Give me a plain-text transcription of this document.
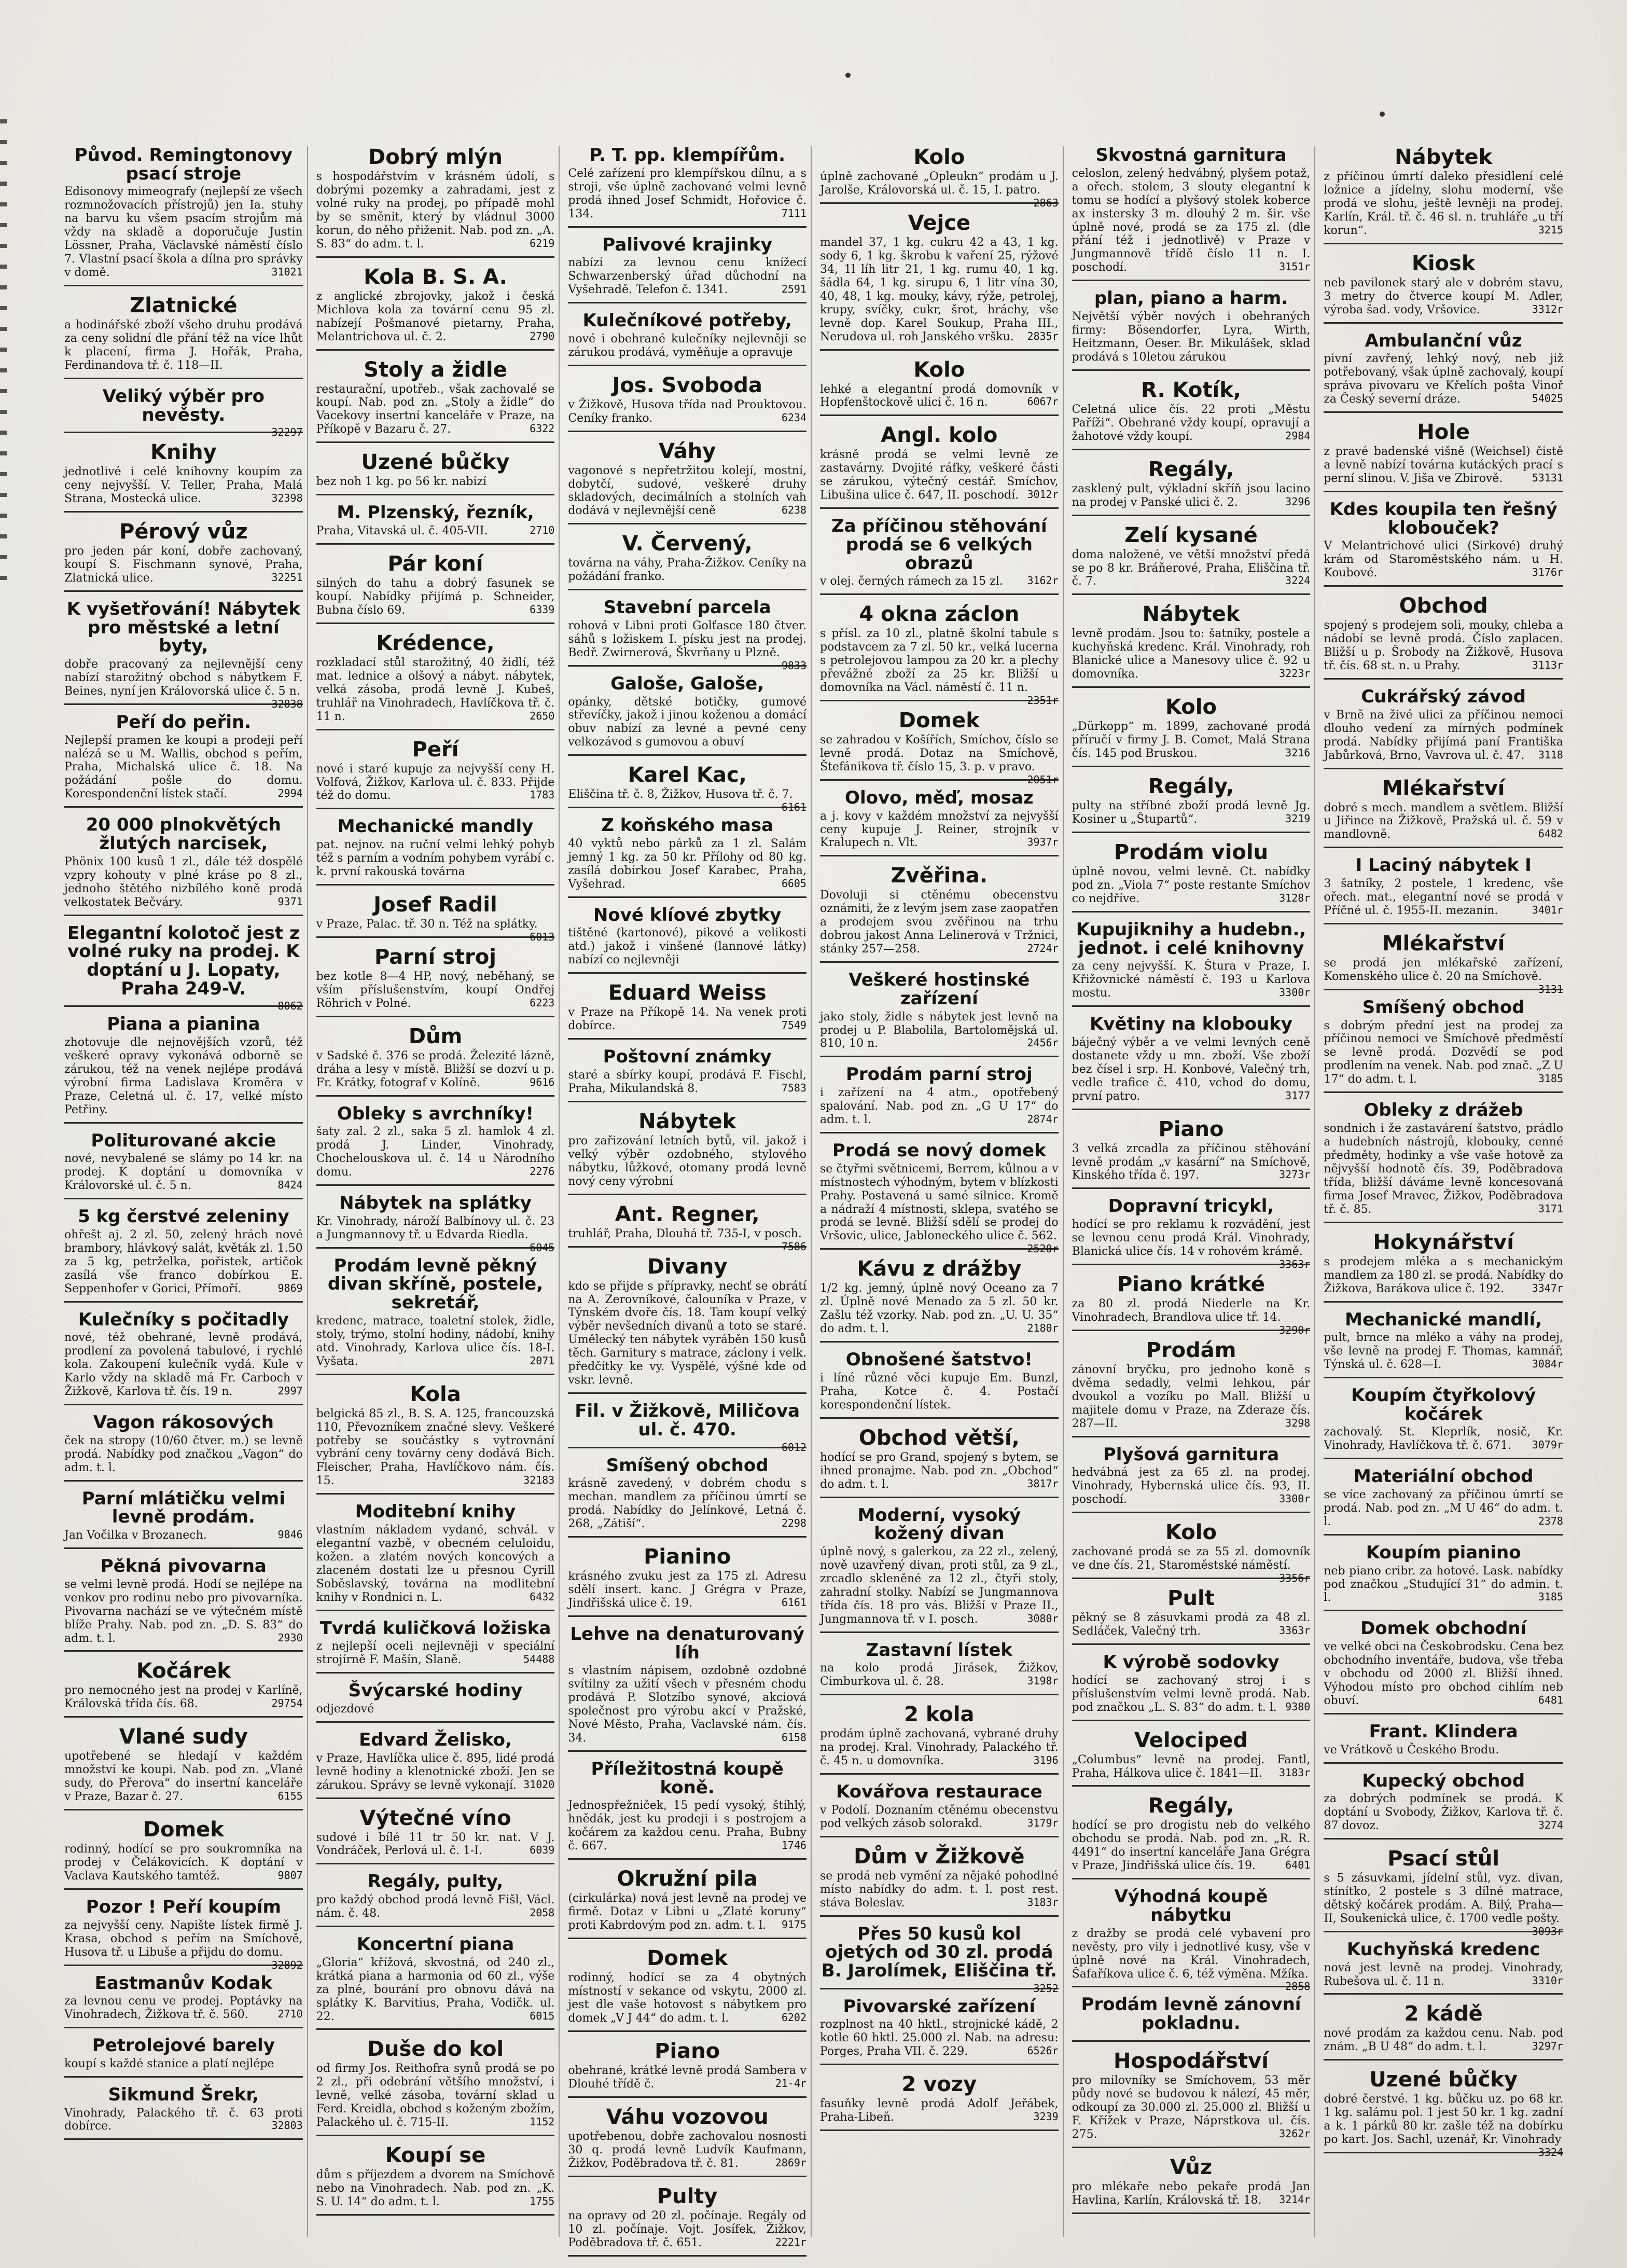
Původ. Remingtonovy psací stroje

Edisonovy mimeografy (nejlepší ze všech rozmnožovacích přístrojů) jen Ia. stuhy na barvu ku všem psacím strojům má vždy na skladě a doporučuje Justin Lössner, Praha, Václavské náměstí číslo 7. Vlastní psací škola a dílna pro správky v domě.	31021

Zlatnické

a hodinářské zboží všeho druhu prodává za ceny solidní dle přání též na více lhůt k placení, firma J. Hořák, Praha, Ferdinandova tř. č. 118—II.

Veliký výběr pro nevěsty.

32297

Knihy

jednotlivé i celé knihovny koupím za ceny nejvyšší. V. Teller, Praha, Malá Strana, Mostecká ulice.	32398

Pérový vůz

pro jeden pár koní, dobře zachovaný, koupí S. Fischmann synové, Praha, Zlatnická ulice.	32251

K vyšetřování! Nábytek pro městské a letní byty,

dobře pracovaný za nejlevnější ceny nabízí starožitný obchod s nábytkem F. Beines, nyní jen Královorská ulice č. 5 n.
32838

Peří do peřin.

Nejlepší pramen ke koupi a prodeji peří nalézá se u M. Wallis, obchod s peřím, Praha, Michalská ulice č. 18. Na požádání pošle do domu. Korespondenční lístek stačí.	2994

20 000 plnokvětých žlutých narcisek,

Phönix 100 kusů 1 zl., dále též dospělé vzpry kohouty v plné kráse po 8 zl., jednoho štětého nizbílého koně prodá velkostatek Bečváry.	9371

Elegantní kolotoč jest z volné ruky na prodej. K doptání u J. Lopaty, Praha 249-V.

8062

Piana a pianina

zhotovuje dle nejnovějších vzorů, též veškeré opravy vykonává odborně se zárukou, též na venek nejlépe prodává výrobní firma Ladislava Kroměra v Praze, Celetná ul. č. 17, velké místo Petřiny.

Politurované akcie

nové, nevybalené se slámy po 14 kr. na prodej. K doptání u domovníka v Královorské ul. č. 5 n.	8424

5 kg čerstvé zeleniny

ohřešt aj. 2 zl. 50, zelený hrách nové brambory, hlávkový salát, květák zl. 1.50 za 5 kg, petrželka, pořistek, artičok zasílá vše franco dobírkou E. Seppenhofer v Gorici, Přímoří.	9869

Kulečníky s počitadly

nové, též obehrané, levně prodává, prodlení za povolená tabulové, i rychlé kola. Zakoupení kulečník vydá. Kule v Karlo vždy na skladě má Fr. Carboch v Žižkově, Karlova tř. čís. 19 n.	2997

Vagon rákosových

ček na stropy (10/60 čtver. m.) se levně prodá. Nabídky pod značkou „Vagon“ do adm. t. l.

Parní mlátičku velmi levně prodám.

Jan Vočilka v Brozanech.	9846

Pěkná pivovarna

se velmi levně prodá. Hodí se nejlépe na venkov pro rodinu nebo pro pivovarníka. Pivovarna nachází se ve výtečném místě blíže Prahy. Nab. pod zn. „D. S. 83“ do adm. t. l.	2930

Kočárek

pro nemocného jest na prodej v Karlíně, Královská třída čís. 68.	29754

Vlané sudy

upotřebené se hledají v každém množství ke koupi. Nab. pod zn. „Vlané sudy, do Přerova“ do insertní kanceláře v Praze, Bazar č. 27.	6155

Domek

rodinný, hodící se pro soukromníka na prodej v Čelákovicích. K doptání v Vaclava Kautského tamtéž.	9807

Pozor ! Peří koupím

za nejvyšší ceny. Napište lístek firmě J. Krasa, obchod s peřím na Smíchově, Husova tř. u Libuše a přijdu do domu.
32892

Eastmanův Kodak

za levnou cenu ve prodej. Poptávky na Vinohradech, Žižkova tř. č. 560.	2710

Petrolejové barely

koupí s každé stanice a platí nejlépe

Sikmund Šrekr,

Vinohrady, Palackého tř. č. 63 proti dobírce.	32803

Dobrý mlýn

s hospodářstvím v krásném údolí, s dobrými pozemky a zahradami, jest z volné ruky na prodej, po případě mohl by se směnit, který by vládnul 3000 korun, do něho přiženit. Nab. pod zn. „A. S. 83“ do adm. t. l.	6219

Kola B. S. A.

z anglické zbrojovky, jakož i česká Michlova kola za tovární cenu 95 zl. nabízejí Pošmanové pietarny, Praha, Melantrichova ul. č. 2.	2790

Stoly a židle

restaurační, upotřeb., však zachovalé se koupí. Nab. pod zn. „Stoly a židle“ do Vacekovy insertní kanceláře v Praze, na Příkopě v Bazaru č. 27.	6322

Uzené bůčky

bez noh 1 kg. po 56 kr. nabízí

M. Plzenský, řezník,

Praha, Vitavská ul. č. 405-VII.	2710

Pár koní

silných do tahu a dobrý fasunek se koupí. Nabídky přijímá p. Schneider, Bubna číslo 69.	6339

Krédence,

rozkladací stůl starožitný, 40 židlí, též mat. lednice a olšový a nábyt. nábytek, velká zásoba, prodá levně J. Kubeš, truhlář na Vinohradech, Havlíčkova tř. č. 11 n.	2650

Peří

nové i staré kupuje za nejvyšší ceny H. Volfová, Žižkov, Karlova ul. č. 833. Přijde též do domu.	1783

Mechanické mandly

pat. nejnov. na ruční velmi lehký pohyb též s parním a vodním pohybem vyrábí c. k. první rakouská továrna

Josef Radil

v Praze, Palac. tř. 30 n. Též na splátky.
6013

Parní stroj

bez kotle 8—4 HP, nový, neběhaný, se vším příslušenstvím, koupí Ondřej Röhrich v Polné.	6223

Dům

v Sadské č. 376 se prodá. Železité lázně, dráha a lesy v místě. Bližší se dozví u p. Fr. Krátky, fotograf v Kolíně.	9616

Obleky s avrchníky!

šaty zal. 2 zl., saka 5 zl. hamlok 4 zl. prodá J. Linder, Vinohrady, Chochelouskova ul. č. 14 u Národního domu.	2276

Nábytek na splátky

Kr. Vinohrady, nároží Balbínovy ul. č. 23 a Jungmannovy tř. u Edvarda Riedla.
6045

Prodám levně pěkný divan skříně, postele, sekretář,

kredenc, matrace, toaletní stolek, židle, stoly, trýmo, stolní hodiny, nádobí, knihy atd. Vinohrady, Karlova ulice čís. 18-I. Vyšata.	2071

Kola

belgická 85 zl., B. S. A. 125, francouzská 110, Převozníkem značné slevy. Veškeré potřeby se součástky s vytrovnání vybrání ceny továrny ceny dodává Bich. Fleischer, Praha, Havlíčkovo nám. čís. 15.	32183

Moditební knihy

vlastním nákladem vydané, schvál. v elegantní vazbě, v obecném celuloidu, kožen. a zlatém nových koncových a zlaceném dostati lze u přesnou Cyrill Soběslavský, továrna na modlitební knihy v Rondnici n. L.	6432

Tvrdá kuličková ložiska

z nejlepší oceli nejlevněji v speciální strojírně F. Mašín, Slaně.	54488

Švýcarské hodiny

odjezdové

Edvard Želisko,

v Praze, Havlíčka ulice č. 895, lidé prodá levně hodiny a klenotnické zboží. Jen se zárukou. Správy se levně vykonají. 31020

Výtečné víno

sudové i bílé 11 tr 50 kr. nat. V J. Vondráček, Perlová ul. č. 1-I.	6039

Regály, pulty,

pro každý obchod prodá levně Fišl, Václ. nám. č. 48.	2058

Koncertní piana

„Gloria“ křížová, skvostná, od 240 zl., krátká piana a harmonia od 60 zl., výše za plné, bourání pro obnovu dává na splátky K. Barvitius, Praha, Vodičk. ul. 22.	6015

Duše do kol

od firmy Jos. Reithofra synů prodá se po 2 zl., při odebrání většího množství, i levně, velké zásoba, tovární sklad u Ferd. Kreidla, obchod s koženým zbožím, Palackého ul. č. 715-II.	1152

Koupí se

dům s příjezdem a dvorem na Smíchově nebo na Vinohradech. Nab. pod zn. „K. S. U. 14“ do adm. t. l.	1755

P. T. pp. klempířům.

Celé zařízení pro klempířskou dílnu, a s stroji, vše úplně zachované velmi levně prodá ihned Josef Schmidt, Hořovice č. 134.	7111

Palivové krajinky

nabízí za levnou cenu knížecí Schwarzenberský úřad důchodní na Vyšehradě. Telefon č. 1341.	2591

Kulečníkové potřeby,

nové i obehrané kulečníky nejlevněji se zárukou prodává, vyměňuje a opravuje

Jos. Svoboda

v Žižkově, Husova třída nad Prouktovou. Ceníky franko.	6234

Váhy

vagonové s nepřetržitou kolejí, mostní, dobytčí, sudové, veškeré druhy skladových, decimálních a stolních vah dodává v nejlevnější ceně	6238

V. Červený,

továrna na váhy, Praha-Žižkov. Ceníky na požádání franko.

Stavební parcela

rohová v Libni proti Golťasce 180 čtver. sáhů s ložiskem I. písku jest na prodej. Bedř. Zwirnerová, Škvrňany u Plzně.
9833

Galoše, Galoše,

opánky, dětské botičky, gumové střevíčky, jakož i jinou koženou a domácí obuv nabízí za levné a pevné ceny velkozávod s gumovou a obuví

Karel Kac,

Eliščina tř. č. 8, Žižkov, Husova tř. č. 7.
6161

Z koňského masa

40 vyktů nebo párků za 1 zl. Salám jemný 1 kg. za 50 kr. Přílohy od 80 kg. zasílá dobírkou Josef Karabec, Praha, Vyšehrad.	6605

Nové klíové zbytky

tištěné (kartonové), pikové a velikosti atd.) jakož i vinšené (lannové látky) nabízí co nejlevněji

Eduard Weiss

v Praze na Příkopě 14. Na venek proti dobírce.	7549

Poštovní známky

staré a sbírky koupí, prodává F. Fischl, Praha, Mikulandská 8.	7583

Nábytek

pro zařizování letních bytů, vil. jakož i velký výběr ozdobného, stylového nábytku, lůžkové, otomany prodá levně nový ceny výrobní

Ant. Regner,

truhlář, Praha, Dlouhá tř. 735-I, v posch.
7586

Divany

kdo se přijde s přípravky, nechť se obrátí na A. Zerovníkové, čalouníka v Praze, v Týnském dvoře čís. 18. Tam koupí velký výběr nevšedních divanů a toto se staré. Umělecký ten nábytek vyráběn 150 kusů těch. Garnitury s matrace, záclony i velk. předčítky ke vy. Vyspělé, výšné kde od vskr. levně.

Fil. v Žižkově, Miličova ul. č. 470.

6012

Smíšený obchod

krásně zavedený, v dobrém chodu s mechan. mandlem za příčinou úmrtí se prodá. Nabídky do Jelínkové, Letná č. 268, „Zátiší“.	2298

Pianino

krásného zvuku jest za 175 zl. Adresu sdělí insert. kanc. J Grégra v Praze, Jindřišská ulice č. 19.	6161

Lehve na denaturovaný líh

s vlastním nápisem, ozdobně ozdobné svítilny za užití všech v přesném chodu prodává P. Slotzíbo synové, akciová společnost pro výrobu akcí v Pražské, Nové Město, Praha, Vaclavské nám. čís. 34.	6158

Příležitostná koupě koně.

Jednospřežniček, 15 pedí vysoký, štíhlý, hnědák, jest ku prodeji i s postrojem a kočárem za každou cenu. Praha, Bubny č. 667.	1746

Okružní pila

(cirkulárka) nová jest levně na prodej ve firmě. Dotaz v Libni u „Zlaté koruny“ proti Kabrdovým pod zn. adm. t. l.	9175

Domek

rodinný, hodící se za 4 obytných místností v sekance od vskytu, 2000 zl. jest dle vaše hotovost s nábytkem pro domek „V J 44“ do adm. t. l.	6202

Piano

obehrané, krátké levně prodá Sambera v Dlouhé třídě č.	21-4r

Váhu vozovou

upotřebenou, dobře zachovalou nosnosti 30 q. prodá levně Ludvík Kaufmann, Žižkov, Poděbradova tř. č. 81.	2869r

Pulty

na opravy od 20 zl. počínaje. Regály od 10 zl. počínaje. Vojt. Josífek, Žižkov, Poděbradova tř. č. 651.	2221r

Kolo

úplně zachované „Opleukn“ prodám u J. Jarolše, Královorská ul. č. 15, I. patro.
2863

Vejce

mandel 37, 1 kg. cukru 42 a 43, 1 kg. sody 6, 1 kg. škrobu k vaření 25, rýžové 34, 1l líh litr 21, 1 kg. rumu 40, 1 kg. šádla 64, 1 kg. sirupu 6, 1 litr vína 30, 40, 48, 1 kg. mouky, kávy, rýže, petrolej, krupy, svíčky, cukr, šrot, hráchy, vše levně dop. Karel Soukup, Praha III., Nerudova ul. roh Janského vršku.	2835r

Kolo

lehké a elegantní prodá domovník v Hopfenštockově ulici č. 16 n.	6067r

Angl. kolo

krásně prodá se velmi levně ze zastavárny. Dvojité ráfky, veškeré části se zárukou, výtečný cestář. Smíchov, Libušina ulice č. 647, II. poschodí. 3012r

Za příčinou stěhování prodá se 6 velkých obrazů

v olej. černých rámech za 15 zl.	3162r

4 okna záclon

s přísl. za 10 zl., platně školní tabule s podstavcem za 7 zl. 50 kr., velká lucerna s petrolejovou lampou za 20 kr. a plechy převážné zboží za 25 kr. Bližší u domovníka na Václ. náměstí č. 11 n.
2351r

Domek

se zahradou v Košířích, Smíchov, číslo se levně prodá. Dotaz na Smíchově, Štefánikova tř. číslo 15, 3. p. v pravo.
2051r

Olovo, měď, mosaz

a j. kovy v každém množství za nejvyšší ceny kupuje J. Reiner, strojník v Kralupech n. Vlt.	3937r

Zvěřina.

Dovoluji si ctěnému obecenstvu oznámiti, že z levým jsem zase zaopatřen a prodejem svou zvěřinou na trhu dobrou jakost Anna Lelinerová v Tržnici, stánky 257—258.	2724r

Veškeré hostinské zařízení

jako stoly, židle s nábytek jest levně na prodej u P. Blabolila, Bartolomějská ul. 810, 10 n.	2456r

Prodám parní stroj

i zařízení na 4 atm., opotřebený spalování. Nab. pod zn. „G U 17“ do adm. t. l.	2874r

Prodá se nový domek

se čtyřmi světnicemi, Berrem, kůlnou a v místnostech výhodným, bytem v blízkosti Prahy. Postavená u samé silnice. Kromě a nádraží 4 místnosti, sklepa, svatého se prodá se levně. Bližší sdělí se prodej do Vršovic, ulice, Jabloneckého ulice č. 562.
2520r

Kávu z drážby

1/2 kg. jemný, úplně nový Oceano za 7 zl. Úplně nové Menado za 5 zl. 50 kr. Zašlu též vzorky. Nab. pod zn. „U. U. 35“ do adm. t. l.	2180r

Obnošené šatstvo!

i líné různé věci kupuje Em. Bunzl, Praha, Kotce č. 4. Postačí korespondenční lístek.

Obchod větší,

hodící se pro Grand, spojený s bytem, se ihned pronajme. Nab. pod zn. „Obchod“ do adm. t. l.	3817r

Moderní, vysoký kožený divan

úplně nový, s galerkou, za 22 zl., zelený, nově uzavřený divan, proti stůl, za 9 zl., zrcadlo skleněné za 12 zl., čtyři stoly, zahradní stolky. Nabízí se Jungmannova třída čís. 18 pro vás. Bližší v Praze II., Jungmannova tř. v I. posch.	3080r

Zastavní lístek

na kolo prodá Jirásek, Žižkov, Cimburkova ul. č. 28.	3198r

2 kola

prodám úplně zachovaná, vybrané druhy na prodej. Kral. Vinohrady, Palackého tř. č. 45 n. u domovníka.	3196

Kovářova restaurace

v Podolí. Doznaním ctěnému obecenstvu pod velkých zásob solorakd.	3179r

Dům v Žižkově

se prodá neb vymění za nějaké pohodlné místo nabídky do adm. t. l. post rest. stáva Boleslav.	3183r

Přes 50 kusů kol ojetých od 30 zl. prodá B. Jarolímek, Eliščina tř.

3252

Pivovarské zařízení

rozplnost na 40 hktl., strojnické kádě, 2 kotle 60 hktl. 25.000 zl. Nab. na adresu: Porges, Praha VII. č. 229.	6526r

2 vozy

fasuňky levně prodá Adolf Jeřábek, Praha-Libeň.	3239

Skvostná garnitura

celoslon, zelený hedvábný, plyšem potaž, a ořech. stolem, 3 slouty elegantní k tomu se hodící a plyšový stolek koberce ax instersky 3 m. dlouhý 2 m. šir. vše úplně nové, prodá se za 175 zl. (dle přání též i jednotlivě) v Praze v Jungmannově třídě číslo 11 n. I. poschodí.	3151r

plan, piano a harm.

Největší výběr nových i obehraných firmy: Bösendorfer, Lyra, Wirth, Heitzmann, Oeser. Br. Mikulášek, sklad prodává s 10letou zárukou

R. Kotík,

Celetná ulice čís. 22 proti „Městu Paříži“. Obehrané vždy koupí, opravují a žahotové vždy koupí.	2984

Regály,

zasklený pult, výkladní skříň jsou lacino na prodej v Panské ulici č. 2.	3296

Zelí kysané

doma naložené, ve větší množství předá se po 8 kr. Bráňerové, Praha, Eliščina tř. č. 7.	3224

Nábytek

levně prodám. Jsou to: šatníky, postele a kuchyňská kredenc. Král. Vinohrady, roh Blanické ulice a Manesovy ulice č. 92 u domovníka.	3223r

Kolo

„Dürkopp“ m. 1899, zachované prodá příručí v firmy J. B. Comet, Malá Strana čís. 145 pod Bruskou.	3216

Regály,

pulty na stříbné zboží prodá levně Jg. Kosiner u „Štupartů“.	3219

Prodám violu

úplně novou, velmi levně. Ct. nabídky pod zn. „Viola 7“ poste restante Smíchov co nejdříve.	3128r

Kupujiknihy a hudebn., jednot. i celé knihovny

za ceny nejvyšší. K. Štura v Praze, I. Křižovnické náměstí č. 193 u Karlova mostu.	3300r

Květiny na klobouky

báječný výběr a ve velmi levných ceně dostanete vždy u mn. zboží. Vše zboží bez čísel i srp. H. Konbové, Valečný trh, vedle trafice č. 410, vchod do domu, první patro.	3177

Piano

3 velká zrcadla za příčinou stěhování levně prodám „v kasární“ na Smíchově, Kinského třída č. 197.	3273r

Dopravní tricykl,

hodící se pro reklamu k rozvádění, jest se levnou cenu prodá Král. Vinohrady, Blanická ulice čís. 14 v rohovém krámě.
3363r

Piano krátké

za 80 zl. prodá Niederle na Kr. Vinohradech, Brandlova ulice tř. 14.
3290r

Prodám

zánovní bryčku, pro jednoho koně s dvěma sedadly, velmi lehkou, pár dvoukol a vozíku po Mall. Bližší u majitele domu v Praze, na Zderaze čís. 287—II.	3298

Plyšová garnitura

hedvábná jest za 65 zl. na prodej. Vinohrady, Hybernská ulice čís. 93, II. poschodí.	3300r

Kolo

zachované prodá se za 55 zl. domovník ve dne čís. 21, Staroměstské náměstí.
3356r

Pult

pěkný se 8 zásuvkami prodá za 48 zl. Sedláček, Valečný trh.	3363r

K výrobě sodovky

hodící se zachovaný stroj i s příslušenstvím velmi levně prodá. Nab. pod značkou „L. S. 83“ do adm. t. l. 9380

Velociped

„Columbus“ levně na prodej. Fantl, Praha, Hálkova ulice č. 1841—II.	3183r

Regály,

hodící se pro drogistu neb do velkého obchodu se prodá. Nab. pod zn. „R. R. 4491“ do insertní kanceláře Jana Grégra v Praze, Jindřišská ulice čís. 19.	6401

Výhodná koupě nábytku

z dražby se prodá celé vybavení pro nevěsty, pro vily i jednotlivé kusy, vše v úplně nové na Král. Vinohradech, Šafaříkova ulice č. 6, též výměna. Mžíka.
2858

Prodám levně zánovní pokladnu.
Hospodářství

pro milovníky se Smíchovem, 53 měr půdy nové se budovou k nálezí, 45 měr, odkoupí za 30.000 zl. 25.000 zl. Bližší u F. Křížek v Praze, Náprstkova ul. čís. 275.	3262r

Vůz

pro mlékaře nebo pekaře prodá Jan Havlina, Karlín, Královská tř. 18.	3214r

Nábytek

z příčinou úmrtí daleko přesidlení celé ložnice a jídelny, slohu moderní, vše prodá ve slohu, ještě levněji na prodej. Karlín, Král. tř. č. 46 sl. n. truhláře „u tří korun“.	3215

Kiosk

neb pavilonek starý ale v dobrém stavu, 3 metry do čtverce koupí M. Adler, výroba šad. vody, Vršovice.	3312r

Ambulanční vůz

pivní zavřený, lehký nový, neb již potřebovaný, však úplně zachovalý, koupí správa pivovaru ve Křelích pošta Vinoř za Český severní dráze.	54025

Hole

z pravé badenské višně (Weichsel) čistě a levně nabízí továrna kutáckých prací s perní slinou. V. Jiša ve Zbirově.	53131

Kdes koupila ten řešný klobouček?

V Melantrichové ulici (Sirkové) druhý krám od Staroměstského nám. u H. Koubové.	3176r

Obchod

spojený s prodejem soli, mouky, chleba a nádobí se levně prodá. Číslo zaplacen. Bližší u p. Šrobody na Žižkově, Husova tř. čís. 68 st. n. u Prahy.	3113r

Cukrářský závod

v Brně na živé ulici za příčinou nemoci dlouho vedení za mírných podmínek prodá. Nabídky přijímá paní Františka Jabůrková, Brno, Vavrova ul. č. 47.	3118

Mlékařství

dobré s mech. mandlem a světlem. Bližší u Jiřince na Žižkově, Pražská ul. č. 59 v mandlovně.	6482

I Laciný nábytek I

3 šatníky, 2 postele, 1 kredenc, vše ořech. mat., elegantní nové se prodá v Příčné ul. č. 1955-II. mezanin.	3401r

Mlékařství

se prodá jen mlékařské zařízení, Komenského ulice č. 20 na Smíchově.
3131

Smíšený obchod

s dobrým přední jest na prodej za příčinou nemoci ve Smíchově předměstí se levně prodá. Dozvědí se pod prodlením na venek. Nab. pod znač. „Z U 17“ do adm. t. l.	3185

Obleky z drážeb

sondnich i že zastavárení šatstvo, prádlo a hudebních nástrojů, klobouky, cenné předměty, hodinky a vše vaše hotově za nějvyšší hodnotě čís. 39, Poděbradova třída, bližší dáváme levně koncesovaná firma Josef Mravec, Žižkov, Poděbradova tř. č. 85.	3171

Hokynářství

s prodejem mléka a s mechanickým mandlem za 180 zl. se prodá. Nabídky do Žižkova, Barákova ulice č. 192.	3347r

Mechanické mandlí,

pult, brnce na mléko a váhy na prodej, vše levně na prodej F. Thomas, kamnář, Týnská ul. č. 628—I.	3084r

Koupím čtyřkolový kočárek

zachovalý. St. Kleprlík, nosič, Kr. Vinohrady, Havlíčkova tř. č. 671.	3079r

Materiální obchod

se více zachovaný za příčinou úmrtí se prodá. Nab. pod zn. „M U 46“ do adm. t. l.	2378

Koupím pianino

neb piano cribr. za hotové. Lask. nabídky pod značkou „Studující 31“ do admin. t. l.	3185

Domek obchodní

ve velké obci na Českobrodsku. Cena bez obchodního inventáře, budova, vše třeba v obchodu od 2000 zl. Bližší ihned. Výhodou místo pro obchod cihlím neb obuví.	6481

Frant. Klindera

ve Vrátkově u Českého Brodu.

Kupecký obchod

za dobrých podmínek se prodá. K doptání u Svobody, Žižkov, Karlova tř. č. 87 dovoz.	3274

Psací stůl

s 5 zásuvkami, jídelní stůl, vyz. divan, stínítko, 2 postele s 3 dílné matrace, dětský kočárek prodám. A. Bilý, Praha—II, Soukenická ulice, č. 1700 vedle pošty.
3093r

Kuchyňská kredenc

nová jest levně na prodej. Vinohrady, Rubešova ul. č. 11 n.	3310r

2 kádě

nové prodám za každou cenu. Nab. pod znám. „B U 48“ do adm. t. l.	3297r

Uzené bůčky

dobré čerstvé. 1 kg. bůčku uz. po 68 kr. 1 kg. salámu pol. 1 jest 50 kr. 1 kg. zadní a k. 1 párků 80 kr. zašle též na dobírku po kart. Jos. Sachl, uzenář, Kr. Vinohrady
3324
